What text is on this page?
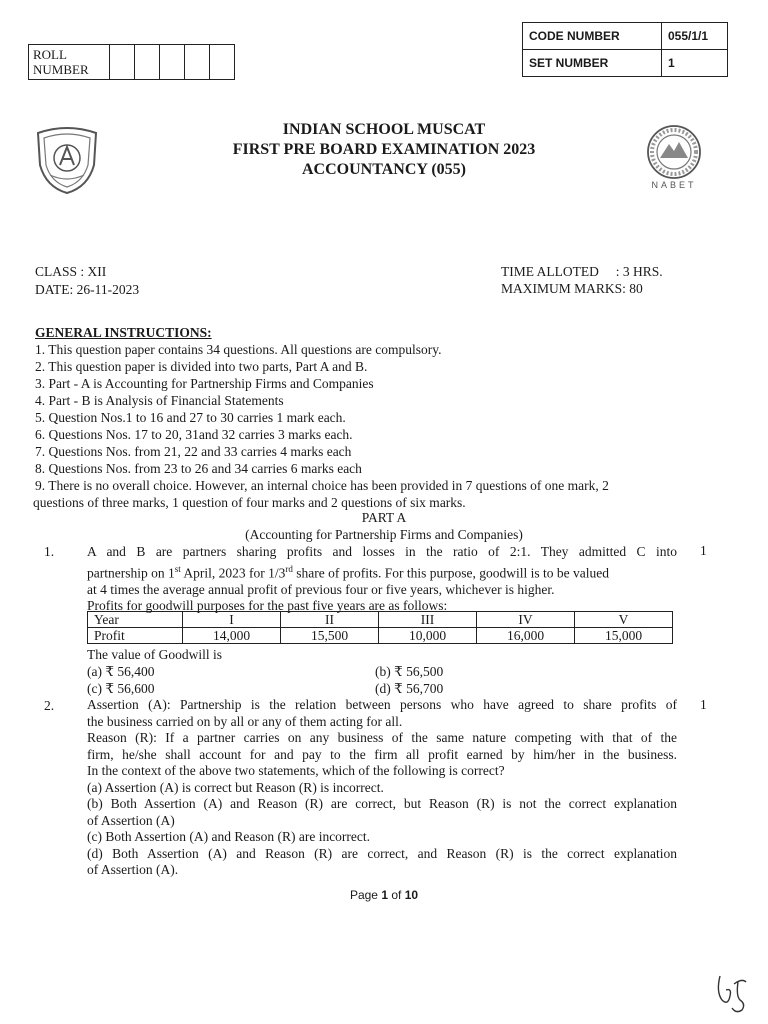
ROLL
NUMBER					
CODE NUMBER	055/1/1
SET NUMBER	1
NABET
INDIAN SCHOOL MUSCAT
FIRST PRE BOARD EXAMINATION 2023
ACCOUNTANCY (055)
CLASS : XII
DATE: 26-11-2023
TIME ALLOTED     : 3 HRS.
MAXIMUM MARKS: 80
GENERAL INSTRUCTIONS:
1. This question paper contains 34 questions. All questions are compulsory.
2. This question paper is divided into two parts, Part A and B.
3. Part - A is Accounting for Partnership Firms and Companies
4. Part - B is Analysis of Financial Statements
5. Question Nos.1 to 16 and 27 to 30 carries 1 mark each.
6. Questions Nos. 17 to 20, 31and 32 carries 3 marks each.
7. Questions Nos. from 21, 22 and 33 carries 4 marks each
8. Questions Nos. from 23 to 26 and 34 carries 6 marks each
9. There is no overall choice. However, an internal choice has been provided in 7 questions of one mark, 2
questions of three marks, 1 question of four marks and 2 questions of six marks.
PART A
(Accounting for Partnership Firms and Companies)
1.	1
A and B are partners sharing profits and losses in the ratio of 2:1. They admitted C into
partnership on 1st April, 2023 for 1/3rd share of profits. For this purpose, goodwill is to be valued
at 4 times the average annual profit of previous four or five years, whichever is higher.
Profits for goodwill purposes for the past five years are as follows:
Year	I	II	III	IV	V
Profit	14,000	15,500	10,000	16,000	15,000
The value of Goodwill is
(a) ₹ 56,400	(b) ₹ 56,500
(c) ₹ 56,600	(d) ₹ 56,700
2.	1
Assertion (A): Partnership is the relation between persons who have agreed to share profits of
the business carried on by all or any of them acting for all.
Reason (R): If a partner carries on any business of the same nature competing with that of the
firm, he/she shall account for and pay to the firm all profit earned by him/her in the business.
In the context of the above two statements, which of the following is correct?
(a) Assertion (A) is correct but Reason (R) is incorrect.
(b) Both Assertion (A) and Reason (R) are correct, but Reason (R) is not the correct explanation
of Assertion (A)
(c) Both Assertion (A) and Reason (R) are incorrect.
(d) Both Assertion (A) and Reason (R) are correct, and Reason (R) is the correct explanation
of Assertion (A).
Page 1 of 10
